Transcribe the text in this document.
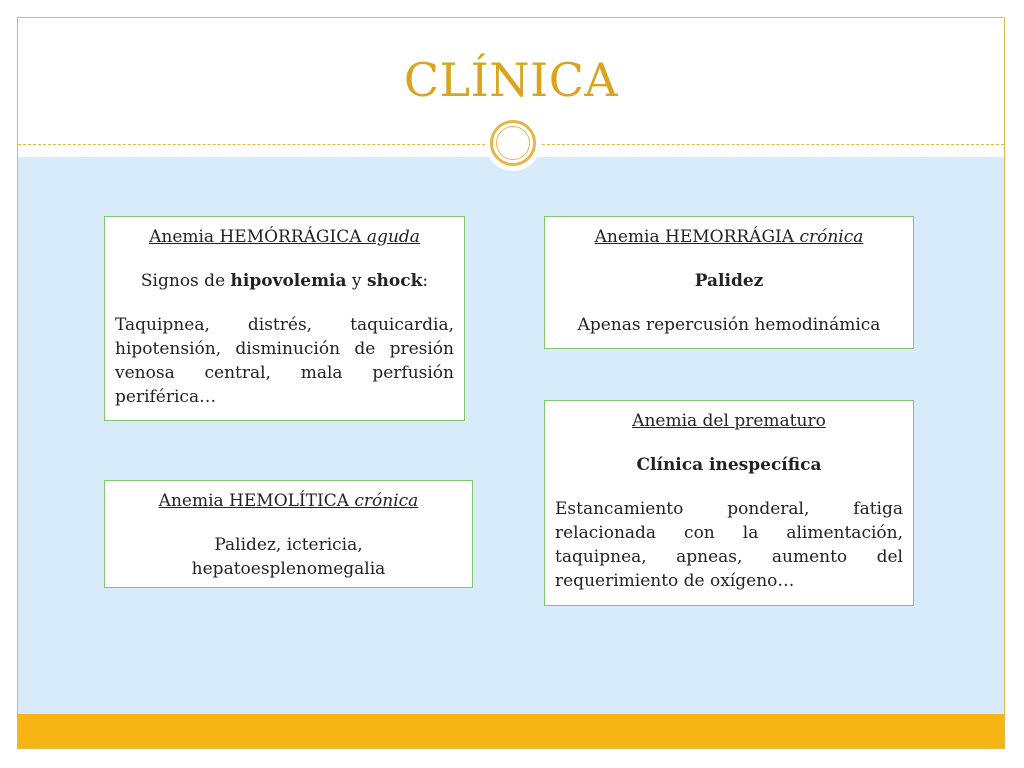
CLÍNICA

Anemia HEMÓRRÁGICA aguda

Signos de hipovolemia y shock:

Taquipnea, distrés, taquicardia, hipotensión, disminución de presión venosa central, mala perfusión periférica…

Anemia HEMORRÁGIA crónica

Palidez

Apenas repercusión hemodinámica

Anemia del prematuro

Clínica inespecífica

Estancamiento ponderal, fatiga relacionada con la alimentación, taquipnea, apneas, aumento del requerimiento de oxígeno…

Anemia HEMOLÍTICA crónica

Palidez, ictericia,

hepatoesplenomegalia
